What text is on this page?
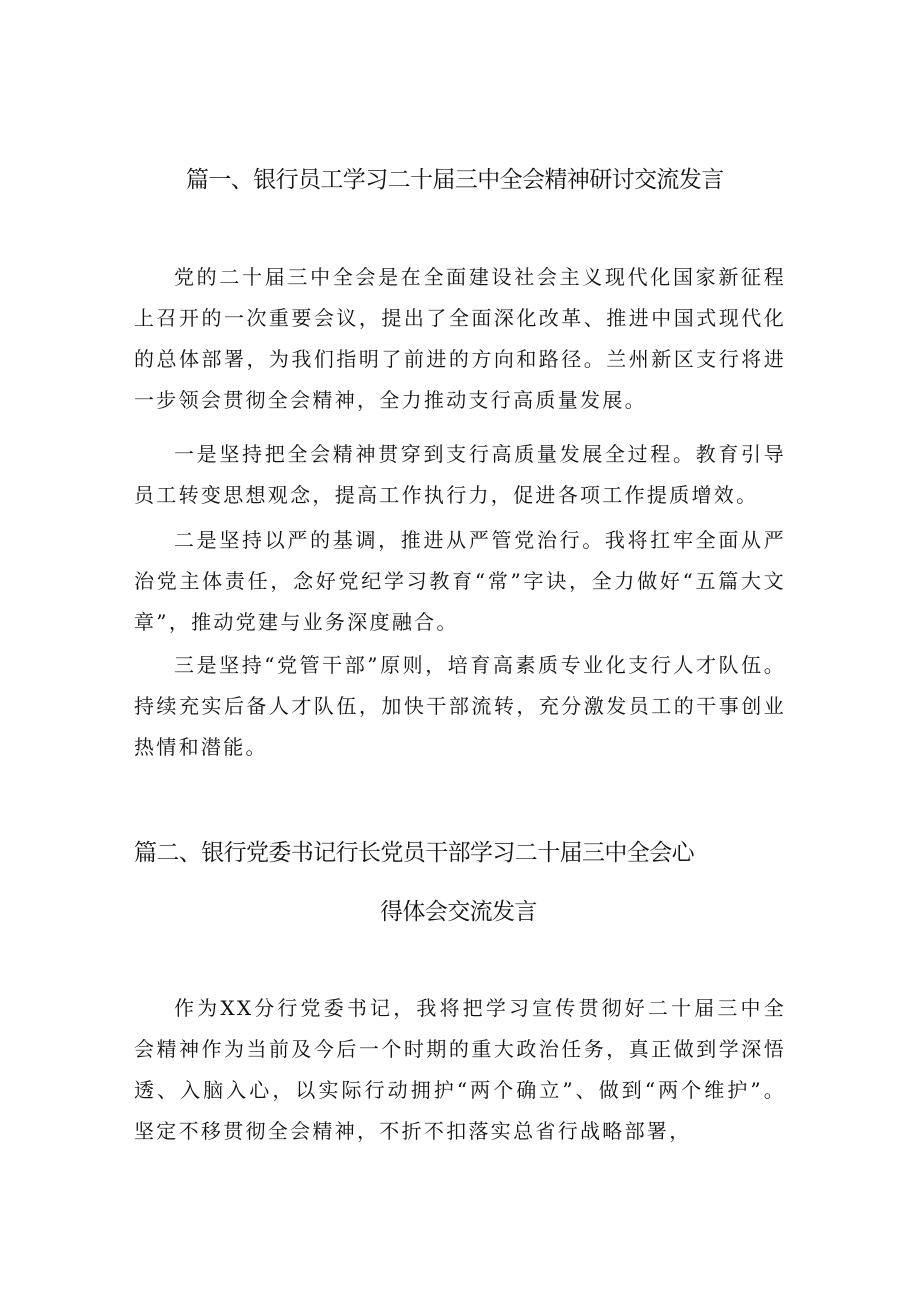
篇一、银行员工学习二十届三中全会精神研讨交流发言

党的二十届三中全会是在全面建设社会主义现代化国家新征程上召开的一次重要会议，提出了全面深化改革、推进中国式现代化的总体部署，为我们指明了前进的方向和路径。兰州新区支行将进一步领会贯彻全会精神，全力推动支行高质量发展。

一是坚持把全会精神贯穿到支行高质量发展全过程。教育引导员工转变思想观念，提高工作执行力，促进各项工作提质增效。

二是坚持以严的基调，推进从严管党治行。我将扛牢全面从严治党主体责任，念好党纪学习教育“常”字诀，全力做好“五篇大文章”，推动党建与业务深度融合。

三是坚持“党管干部”原则，培育高素质专业化支行人才队伍。持续充实后备人才队伍，加快干部流转，充分激发员工的干事创业热情和潜能。

篇二、银行党委书记行长党员干部学习二十届三中全会心
得体会交流发言

作为XX分行党委书记，我将把学习宣传贯彻好二十届三中全会精神作为当前及今后一个时期的重大政治任务，真正做到学深悟透、入脑入心，以实际行动拥护“两个确立”、做到“两个维护”。坚定不移贯彻全会精神，不折不扣落实总省行战略部署，
